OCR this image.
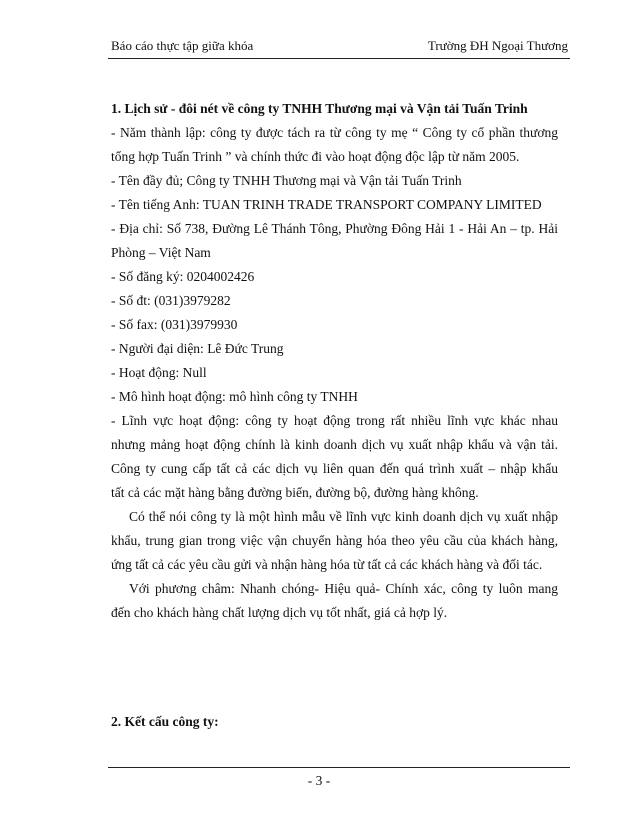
Báo cáo thực tập giữa khóa	Trường ĐH Ngoại Thương
1. Lịch sử - đôi nét về công ty TNHH Thương mại và Vận tải Tuấn Trinh
- Năm thành lập: công ty được tách ra từ công ty mẹ “ Công ty cổ phần thương
tổng hợp Tuấn Trinh ” và chính thức đi vào hoạt động độc lập từ năm 2005.
- Tên đầy đủ; Công ty TNHH Thương mại và Vận tải Tuấn Trinh
- Tên tiếng Anh: TUAN TRINH TRADE TRANSPORT COMPANY LIMITED
- Địa chỉ: Số 738, Đường Lê Thánh Tông, Phường Đông Hải 1 - Hải An – tp. Hải
Phòng – Việt Nam
- Số đăng ký: 0204002426
- Số đt: (031)3979282
- Số fax: (031)3979930
- Người đại diện: Lê Đức Trung
- Hoạt động: Null
- Mô hình hoạt động: mô hình công ty TNHH
- Lĩnh vực hoạt động: công ty hoạt động trong rất nhiều lĩnh vực khác nhau
nhưng mảng hoạt động chính là kinh doanh dịch vụ xuất nhập khẩu và vận tải.
Công ty cung cấp tất cả các dịch vụ liên quan đến quá trình xuất – nhập khẩu
tất cả các mặt hàng bằng đường biển, đường bộ, đường hàng không.
Có thể nói công ty là một hình mẫu về lĩnh vực kinh doanh dịch vụ xuất nhập
khẩu, trung gian trong việc vận chuyển hàng hóa theo yêu cầu của khách hàng,
ứng tất cả các yêu cầu gửi và nhận hàng hóa từ tất cả các khách hàng và đối tác.
Với phương châm: Nhanh chóng- Hiệu quả- Chính xác, công ty luôn mang
đến cho khách hàng chất lượng dịch vụ tốt nhất, giá cả hợp lý.
2. Kết cấu công ty:
- 3 -
